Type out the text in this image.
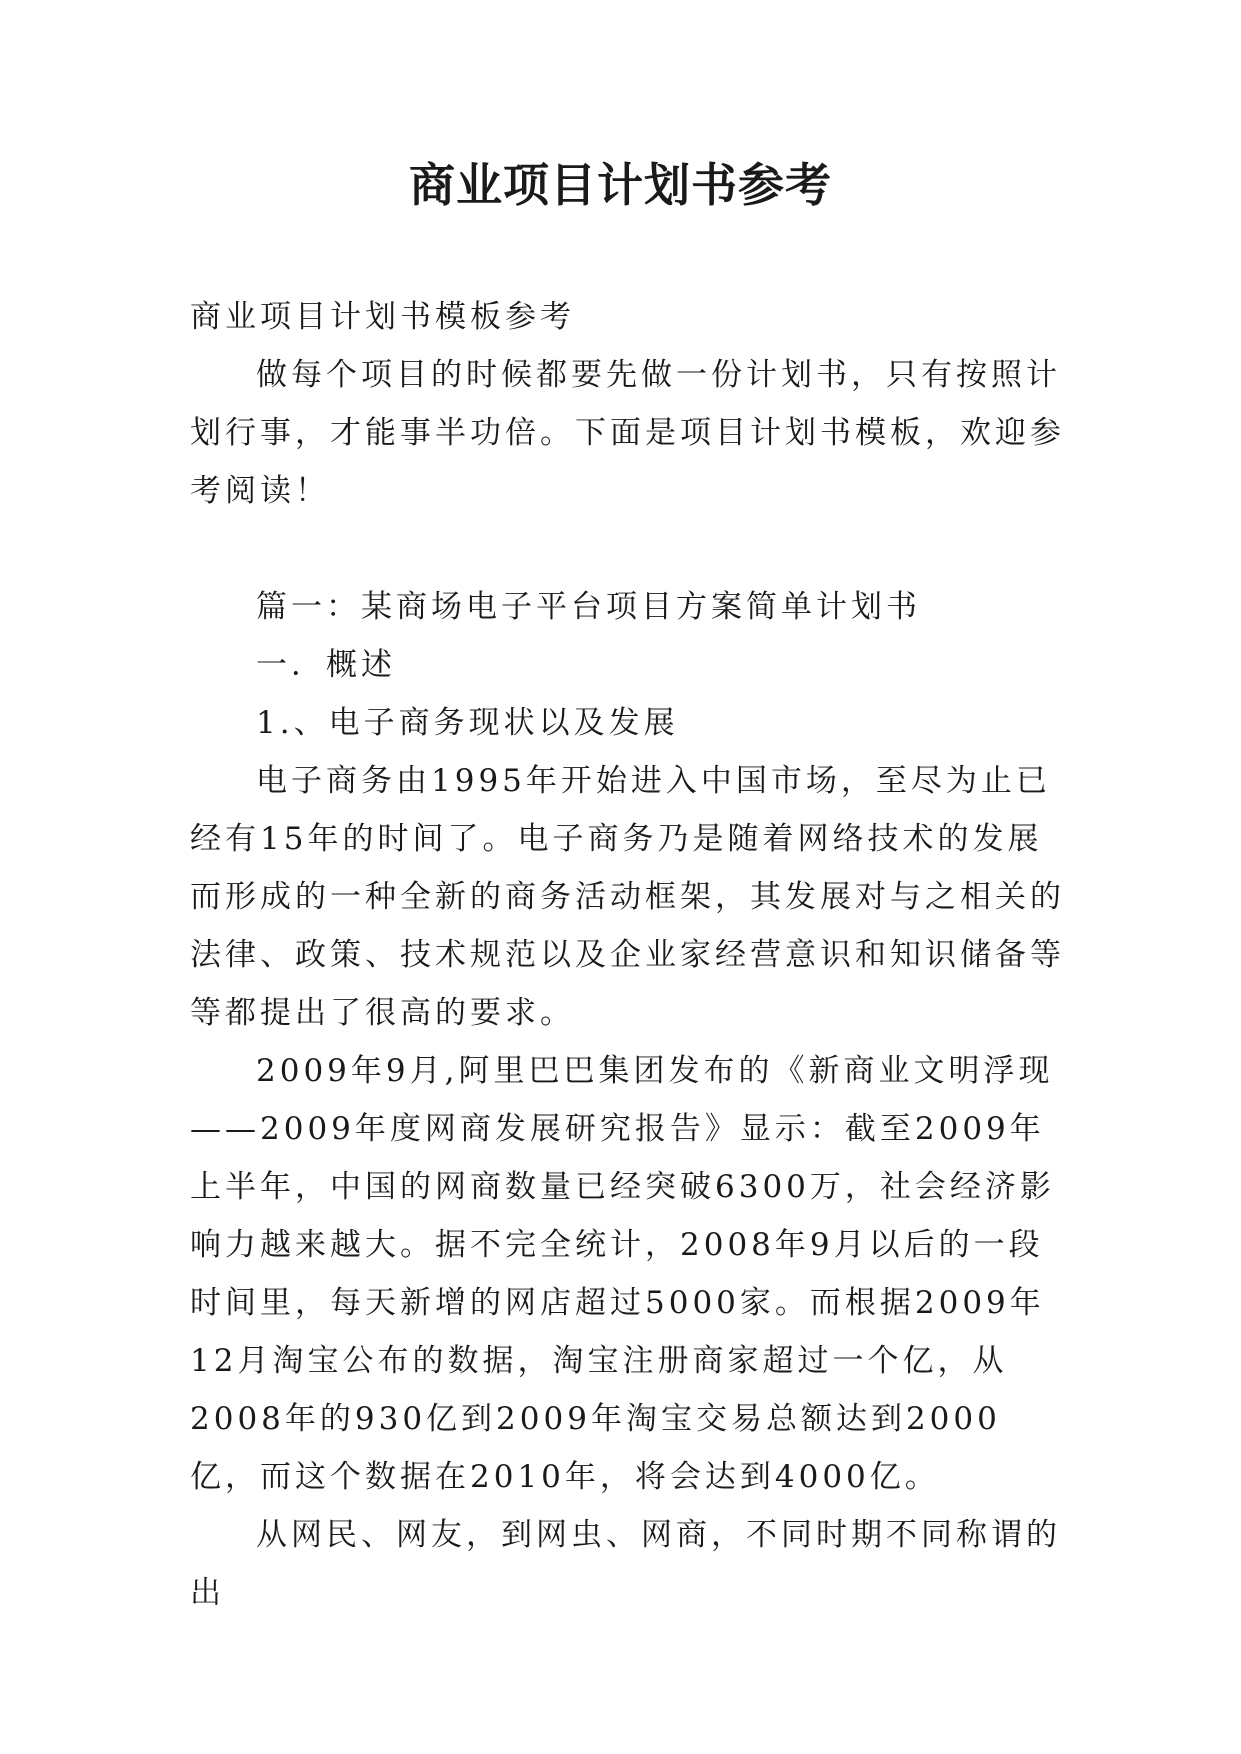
商业项目计划书参考

商业项目计划书模板参考

做每个项目的时候都要先做一份计划书，只有按照计划行事，才能事半功倍。下面是项目计划书模板，欢迎参考阅读！

篇一：某商场电子平台项目方案简单计划书

一．概述

1.、电子商务现状以及发展

电子商务由1995年开始进入中国市场，至尽为止已经有15年的时间了。电子商务乃是随着网络技术的发展而形成的一种全新的商务活动框架，其发展对与之相关的法律、政策、技术规范以及企业家经营意识和知识储备等等都提出了很高的要求。

2009年9月,阿里巴巴集团发布的《新商业文明浮现——2009年度网商发展研究报告》显示：截至2009年上半年，中国的网商数量已经突破6300万，社会经济影响力越来越大。据不完全统计，2008年9月以后的一段时间里，每天新增的网店超过5000家。而根据2009年12月淘宝公布的数据，淘宝注册商家超过一个亿，从2008年的930亿到2009年淘宝交易总额达到2000亿，而这个数据在2010年，将会达到4000亿。

从网民、网友，到网虫、网商，不同时期不同称谓的出
